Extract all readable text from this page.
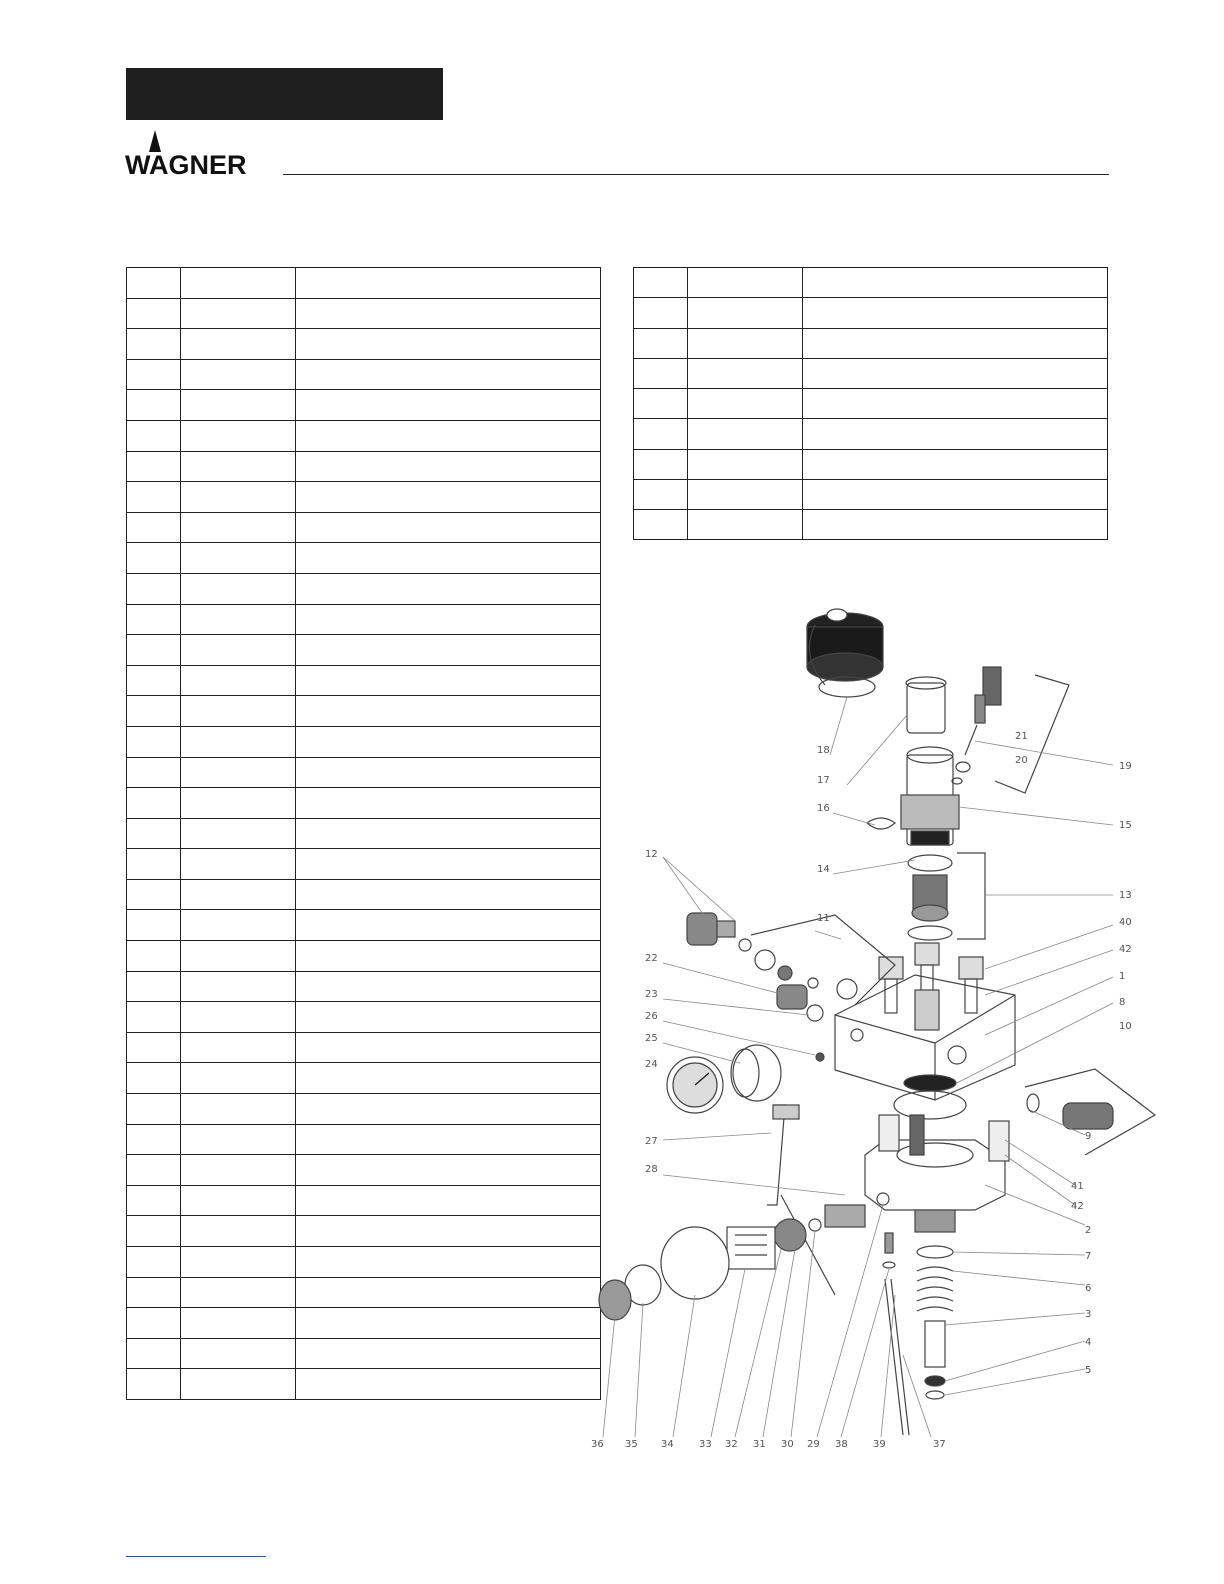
WAGNER

1
2
3
4
5
6
7
8
9
10
11
12
13
14
15
16
17
18
19
20
21
22
23
24
25
26
27
28
29
30
31
32
33
34
35
36	37
38	39
40
41
42
42
